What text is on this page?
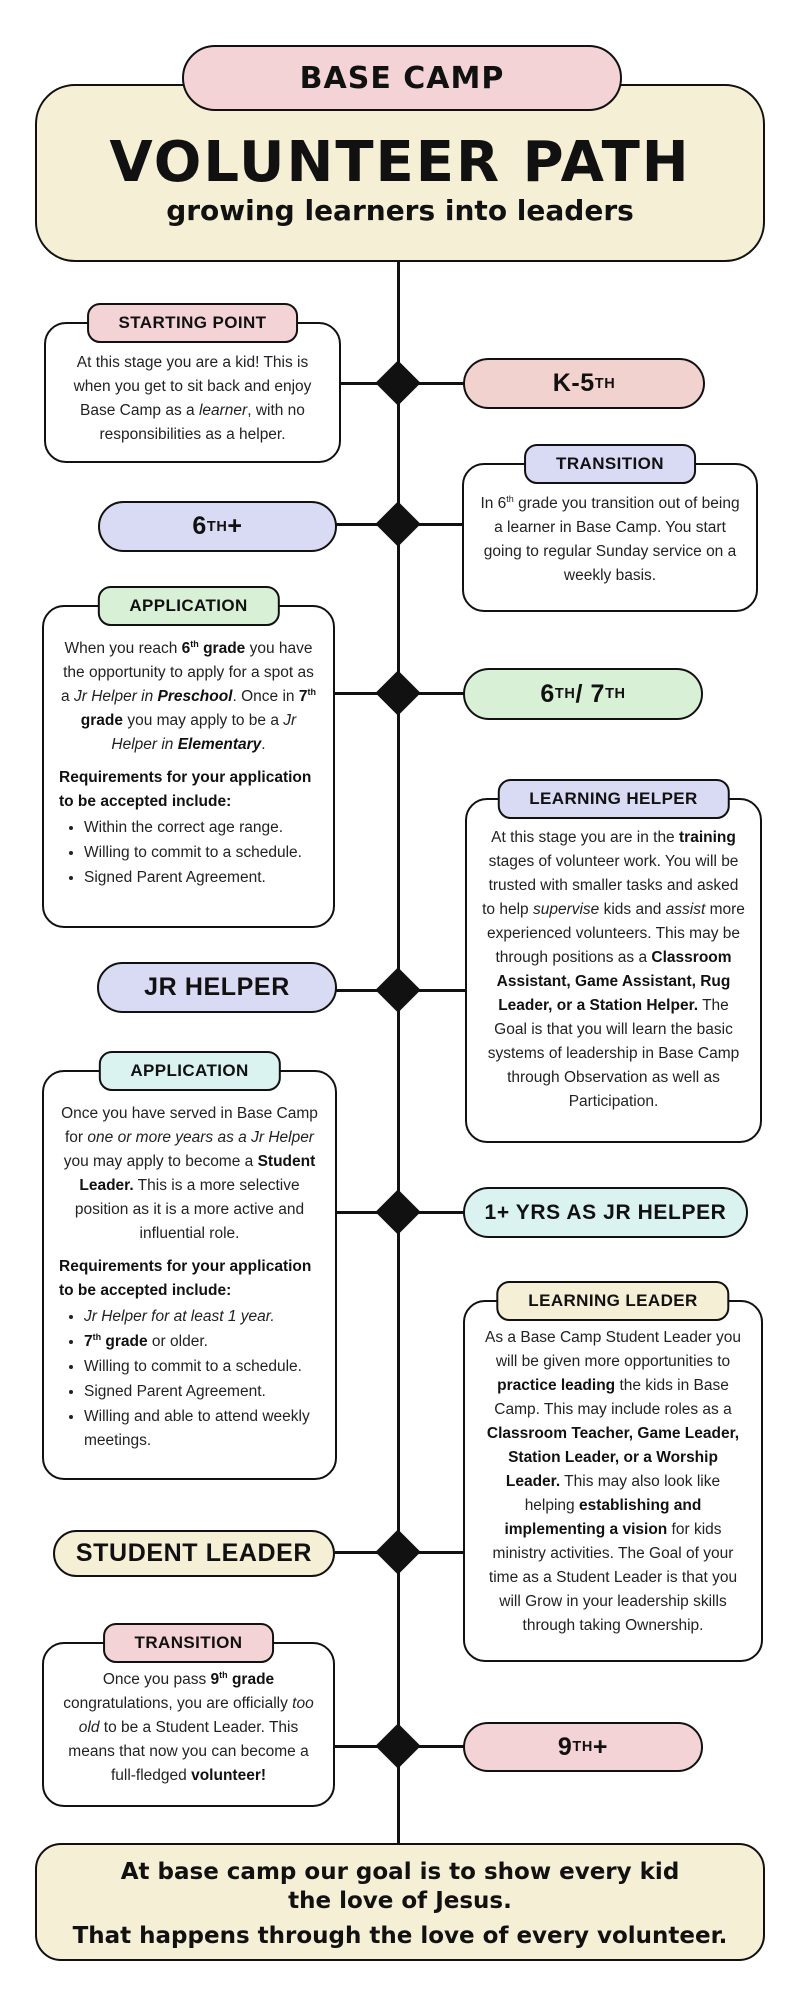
VOLUNTEER PATH
growing learners into leaders
BASE CAMP
STARTING POINT
At this stage you are a kid! This is when you get to sit back and enjoy Base Camp as a learner, with no responsibilities as a helper.
K-5 TH
6 TH +
TRANSITION
In 6th grade you transition out of being a learner in Base Camp. You start going to regular Sunday service on a weekly basis.
APPLICATION
When you reach 6th grade you have the opportunity to apply for a spot as a Jr Helper in Preschool. Once in 7th grade you may apply to be a Jr Helper in Elementary.
Requirements for your application to be accepted include:
• Within the correct age range.
• Willing to commit to a schedule.
• Signed Parent Agreement.
6 TH / 7 TH
JR HELPER
LEARNING HELPER
At this stage you are in the training stages of volunteer work. You will be trusted with smaller tasks and asked to help supervise kids and assist more experienced volunteers. This may be through positions as a Classroom Assistant, Game Assistant, Rug Leader, or a Station Helper. The Goal is that you will learn the basic systems of leadership in Base Camp through Observation as well as Participation.
APPLICATION
Once you have served in Base Camp for one or more years as a Jr Helper you may apply to become a Student Leader. This is a more selective position as it is a more active and influential role.
Requirements for your application to be accepted include:
• Jr Helper for at least 1 year.
• 7th grade or older.
• Willing to commit to a schedule.
• Signed Parent Agreement.
• Willing and able to attend weekly meetings.
1+ YRS AS JR HELPER
LEARNING LEADER
As a Base Camp Student Leader you will be given more opportunities to practice leading the kids in Base Camp. This may include roles as a Classroom Teacher, Game Leader, Station Leader, or a Worship Leader. This may also look like helping establishing and implementing a vision for kids ministry activities. The Goal of your time as a Student Leader is that you will Grow in your leadership skills through taking Ownership.
STUDENT LEADER
TRANSITION
Once you pass 9th grade congratulations, you are officially too old to be a Student Leader. This means that now you can become a full-fledged volunteer!
9 TH +
At base camp our goal is to show every kid the love of Jesus.
That happens through the love of every volunteer.
